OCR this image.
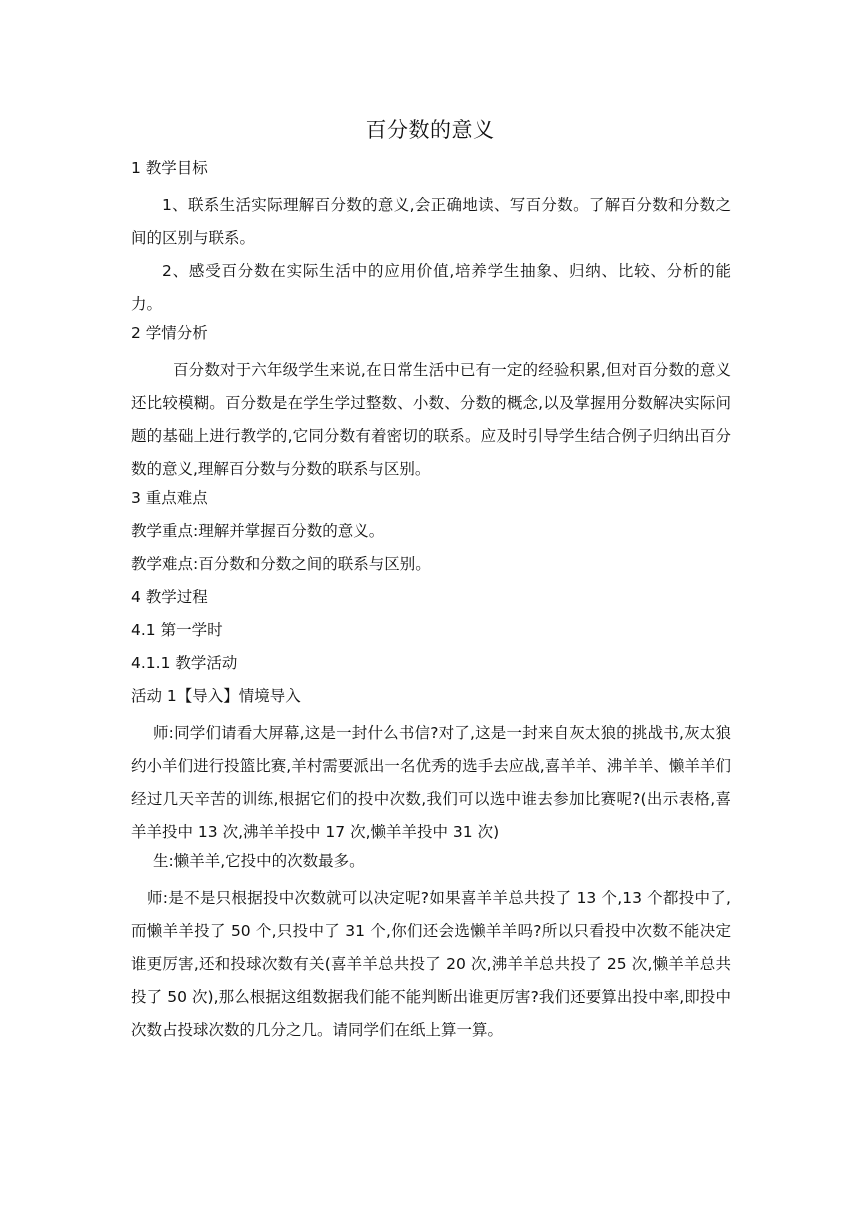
百分数的意义
1 教学目标
1、联系生活实际理解百分数的意义,会正确地读、写百分数。了解百分数和分数之间的区别与联系。
2、感受百分数在实际生活中的应用价值,培养学生抽象、归纳、比较、分析的能力。
2 学情分析
百分数对于六年级学生来说,在日常生活中已有一定的经验积累,但对百分数的意义还比较模糊。百分数是在学生学过整数、小数、分数的概念,以及掌握用分数解决实际问题的基础上进行教学的,它同分数有着密切的联系。应及时引导学生结合例子归纳出百分数的意义,理解百分数与分数的联系与区别。
3 重点难点
教学重点:理解并掌握百分数的意义。
教学难点:百分数和分数之间的联系与区别。
4 教学过程
4.1 第一学时
4.1.1 教学活动
活动 1【导入】情境导入
师:同学们请看大屏幕,这是一封什么书信?对了,这是一封来自灰太狼的挑战书,灰太狼约小羊们进行投篮比赛,羊村需要派出一名优秀的选手去应战,喜羊羊、沸羊羊、懒羊羊们经过几天辛苦的训练,根据它们的投中次数,我们可以选中谁去参加比赛呢?(出示表格,喜羊羊投中 13 次,沸羊羊投中 17 次,懒羊羊投中 31 次)
生:懒羊羊,它投中的次数最多。
师:是不是只根据投中次数就可以决定呢?如果喜羊羊总共投了 13 个,13 个都投中了,而懒羊羊投了 50 个,只投中了 31 个,你们还会选懒羊羊吗?所以只看投中次数不能决定谁更厉害,还和投球次数有关(喜羊羊总共投了 20 次,沸羊羊总共投了 25 次,懒羊羊总共投了 50 次),那么根据这组数据我们能不能判断出谁更厉害?我们还要算出投中率,即投中次数占投球次数的几分之几。请同学们在纸上算一算。
